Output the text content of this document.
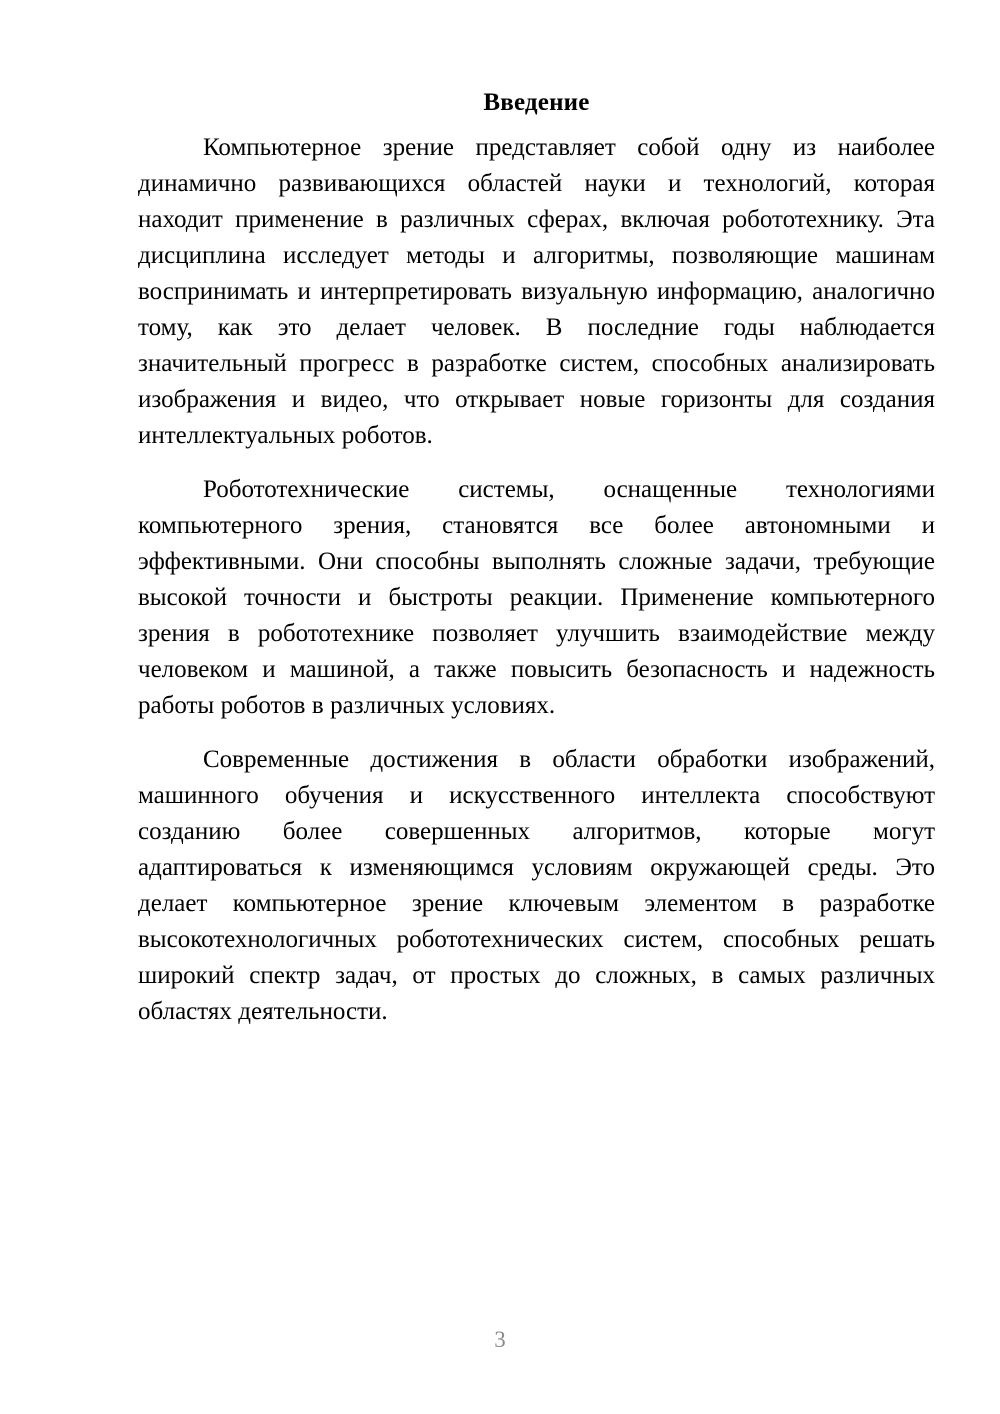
Введение

Компьютерное зрение представляет собой одну из наиболее
динамично развивающихся областей науки и технологий, которая
находит применение в различных сферах, включая робототехнику. Эта
дисциплина исследует методы и алгоритмы, позволяющие машинам
воспринимать и интерпретировать визуальную информацию, аналогично
тому, как это делает человек. В последние годы наблюдается
значительный прогресс в разработке систем, способных анализировать
изображения и видео, что открывает новые горизонты для создания
интеллектуальных роботов.

Робототехнические системы, оснащенные технологиями
компьютерного зрения, становятся все более автономными и
эффективными. Они способны выполнять сложные задачи, требующие
высокой точности и быстроты реакции. Применение компьютерного
зрения в робототехнике позволяет улучшить взаимодействие между
человеком и машиной, а также повысить безопасность и надежность
работы роботов в различных условиях.

Современные достижения в области обработки изображений,
машинного обучения и искусственного интеллекта способствуют
созданию более совершенных алгоритмов, которые могут
адаптироваться к изменяющимся условиям окружающей среды. Это
делает компьютерное зрение ключевым элементом в разработке
высокотехнологичных робототехнических систем, способных решать
широкий спектр задач, от простых до сложных, в самых различных
областях деятельности.

3
